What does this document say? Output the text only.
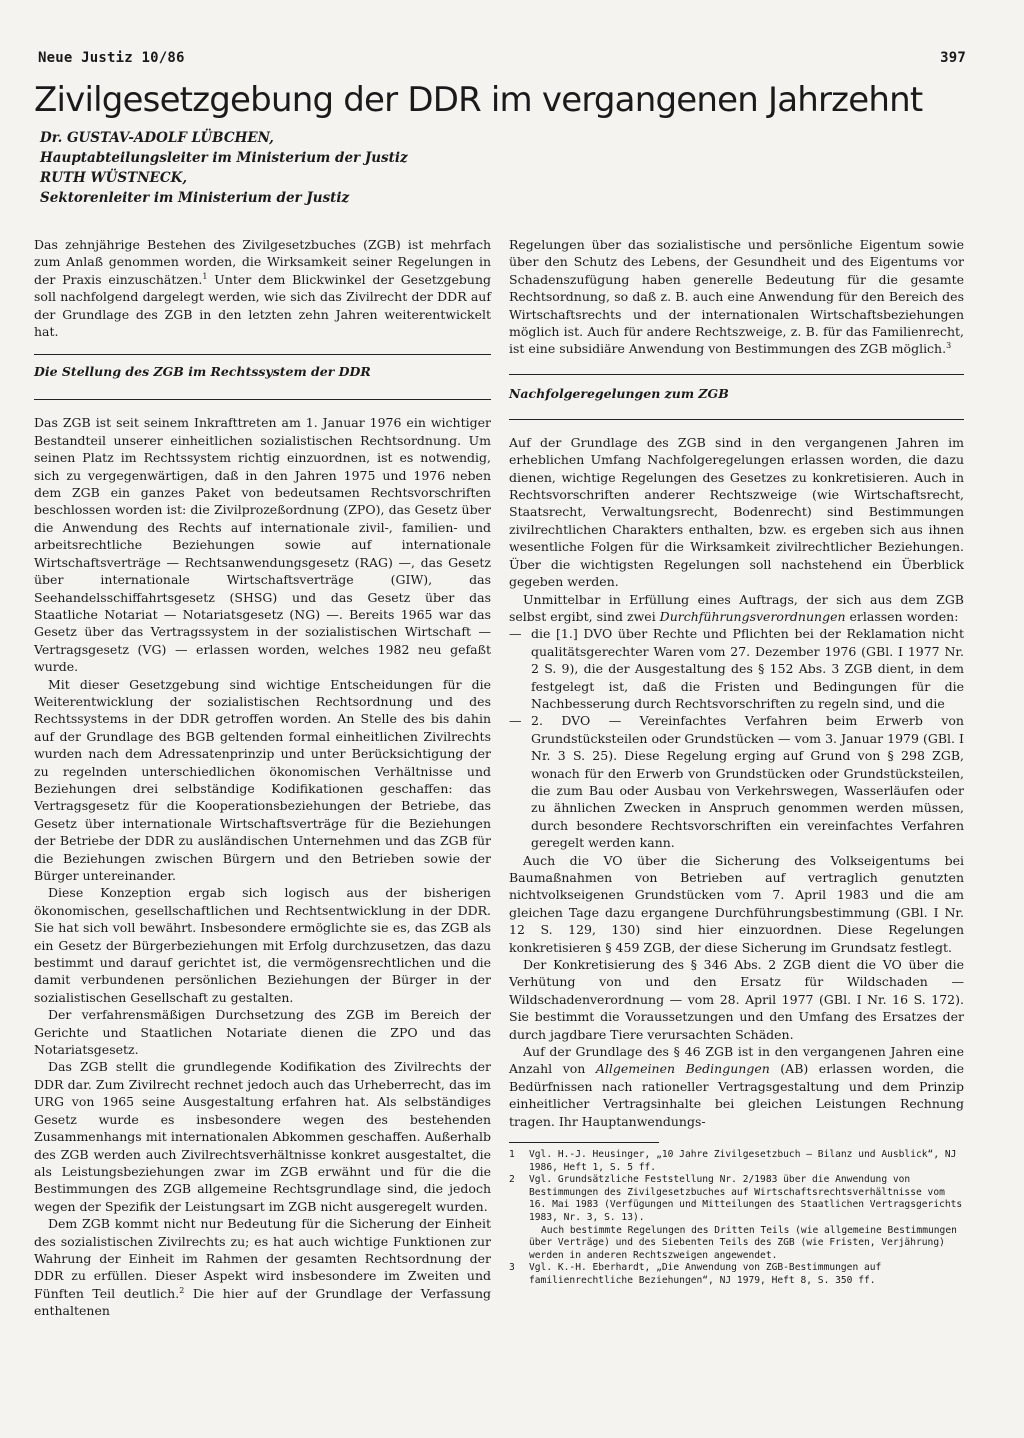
Neue Justiz 10/86	397
Zivilgesetzgebung der DDR im vergangenen Jahrzehnt
Dr. GUSTAV-ADOLF LÜBCHEN,
Hauptabteilungsleiter im Ministerium der Justiz
RUTH WÜSTNECK,
Sektorenleiter im Ministerium der Justiz

Das zehnjährige Bestehen des Zivilgesetzbuches (ZGB) ist mehrfach zum Anlaß genommen worden, die Wirksamkeit seiner Regelungen in der Praxis einzuschätzen.$^1$ Unter dem Blickwinkel der Gesetzgebung soll nachfolgend dargelegt werden, wie sich das Zivilrecht der DDR auf der Grundlage des ZGB in den letzten zehn Jahren weiterentwickelt hat.

Die Stellung des ZGB im Rechtssystem der DDR

Das ZGB ist seit seinem Inkrafttreten am 1. Januar 1976 ein wichtiger Bestandteil unserer einheitlichen sozialistischen Rechtsordnung. Um seinen Platz im Rechtssystem richtig einzuordnen, ist es notwendig, sich zu vergegenwärtigen, daß in den Jahren 1975 und 1976 neben dem ZGB ein ganzes Paket von bedeutsamen Rechtsvorschriften beschlossen worden ist: die Zivilprozeßordnung (ZPO), das Gesetz über die Anwendung des Rechts auf internationale zivil-, familien- und arbeitsrechtliche Beziehungen sowie auf internationale Wirtschaftsverträge — Rechtsanwendungsgesetz (RAG) —, das Gesetz über internationale Wirtschaftsverträge (GIW), das Seehandelsschiffahrtsgesetz (SHSG) und das Gesetz über das Staatliche Notariat — Notariatsgesetz (NG) —. Bereits 1965 war das Gesetz über das Vertragssystem in der sozialistischen Wirtschaft — Vertragsgesetz (VG) — erlassen worden, welches 1982 neu gefaßt wurde.

Mit dieser Gesetzgebung sind wichtige Entscheidungen für die Weiterentwicklung der sozialistischen Rechtsordnung und des Rechtssystems in der DDR getroffen worden. An Stelle des bis dahin auf der Grundlage des BGB geltenden formal einheitlichen Zivilrechts wurden nach dem Adressatenprinzip und unter Berücksichtigung der zu regelnden unterschiedlichen ökonomischen Verhältnisse und Beziehungen drei selbständige Kodifikationen geschaffen: das Vertragsgesetz für die Kooperationsbeziehungen der Betriebe, das Gesetz über internationale Wirtschaftsverträge für die Beziehungen der Betriebe der DDR zu ausländischen Unternehmen und das ZGB für die Beziehungen zwischen Bürgern und den Betrieben sowie der Bürger untereinander.

Diese Konzeption ergab sich logisch aus der bisherigen ökonomischen, gesellschaftlichen und Rechtsentwicklung in der DDR. Sie hat sich voll bewährt. Insbesondere ermöglichte sie es, das ZGB als ein Gesetz der Bürgerbeziehungen mit Erfolg durchzusetzen, das dazu bestimmt und darauf gerichtet ist, die vermögensrechtlichen und die damit verbundenen persönlichen Beziehungen der Bürger in der sozialistischen Gesellschaft zu gestalten.

Der verfahrensmäßigen Durchsetzung des ZGB im Bereich der Gerichte und Staatlichen Notariate dienen die ZPO und das Notariatsgesetz.

Das ZGB stellt die grundlegende Kodifikation des Zivilrechts der DDR dar. Zum Zivilrecht rechnet jedoch auch das Urheberrecht, das im URG von 1965 seine Ausgestaltung erfahren hat. Als selbständiges Gesetz wurde es insbesondere wegen des bestehenden Zusammenhangs mit internationalen Abkommen geschaffen. Außerhalb des ZGB werden auch Zivilrechtsverhältnisse konkret ausgestaltet, die als Leistungsbeziehungen zwar im ZGB erwähnt und für die die Bestimmungen des ZGB allgemeine Rechtsgrundlage sind, die jedoch wegen der Spezifik der Leistungsart im ZGB nicht ausgeregelt wurden.

Dem ZGB kommt nicht nur Bedeutung für die Sicherung der Einheit des sozialistischen Zivilrechts zu; es hat auch wichtige Funktionen zur Wahrung der Einheit im Rahmen der gesamten Rechtsordnung der DDR zu erfüllen. Dieser Aspekt wird insbesondere im Zweiten und Fünften Teil deutlich.$^2$ Die hier auf der Grundlage der Verfassung enthaltenen

Regelungen über das sozialistische und persönliche Eigentum sowie über den Schutz des Lebens, der Gesundheit und des Eigentums vor Schadenszufügung haben generelle Bedeutung für die gesamte Rechtsordnung, so daß z. B. auch eine Anwendung für den Bereich des Wirtschaftsrechts und der internationalen Wirtschaftsbeziehungen möglich ist. Auch für andere Rechtszweige, z. B. für das Familienrecht, ist eine subsidiäre Anwendung von Bestimmungen des ZGB möglich.$^3$

Nachfolgeregelungen zum ZGB

Auf der Grundlage des ZGB sind in den vergangenen Jahren im erheblichen Umfang Nachfolgeregelungen erlassen worden, die dazu dienen, wichtige Regelungen des Gesetzes zu konkretisieren. Auch in Rechtsvorschriften anderer Rechtszweige (wie Wirtschaftsrecht, Staatsrecht, Verwaltungsrecht, Bodenrecht) sind Bestimmungen zivilrechtlichen Charakters enthalten, bzw. es ergeben sich aus ihnen wesentliche Folgen für die Wirksamkeit zivilrechtlicher Beziehungen. Über die wichtigsten Regelungen soll nachstehend ein Überblick gegeben werden.

Unmittelbar in Erfüllung eines Auftrags, der sich aus dem ZGB selbst ergibt, sind zwei Durchführungsverordnungen erlassen worden:

— die [1.] DVO über Rechte und Pflichten bei der Reklamation nicht qualitätsgerechter Waren vom 27. Dezember 1976 (GBl. I 1977 Nr. 2 S. 9), die der Ausgestaltung des § 152 Abs. 3 ZGB dient, in dem festgelegt ist, daß die Fristen und Bedingungen für die Nachbesserung durch Rechtsvorschriften zu regeln sind, und die
— 2. DVO — Vereinfachtes Verfahren beim Erwerb von Grundstücksteilen oder Grundstücken — vom 3. Januar 1979 (GBl. I Nr. 3 S. 25). Diese Regelung erging auf Grund von § 298 ZGB, wonach für den Erwerb von Grundstücken oder Grundstücksteilen, die zum Bau oder Ausbau von Verkehrswegen, Wasserläufen oder zu ähnlichen Zwecken in Anspruch genommen werden müssen, durch besondere Rechtsvorschriften ein vereinfachtes Verfahren geregelt werden kann.

Auch die VO über die Sicherung des Volkseigentums bei Baumaßnahmen von Betrieben auf vertraglich genutzten nichtvolkseigenen Grundstücken vom 7. April 1983 und die am gleichen Tage dazu ergangene Durchführungsbestimmung (GBl. I Nr. 12 S. 129, 130) sind hier einzuordnen. Diese Regelungen konkretisieren § 459 ZGB, der diese Sicherung im Grundsatz festlegt.

Der Konkretisierung des § 346 Abs. 2 ZGB dient die VO über die Verhütung von und den Ersatz für Wildschaden — Wildschadenverordnung — vom 28. April 1977 (GBl. I Nr. 16 S. 172). Sie bestimmt die Voraussetzungen und den Umfang des Ersatzes der durch jagdbare Tiere verursachten Schäden.

Auf der Grundlage des § 46 ZGB ist in den vergangenen Jahren eine Anzahl von Allgemeinen Bedingungen (AB) erlassen worden, die Bedürfnissen nach rationeller Vertragsgestaltung und dem Prinzip einheitlicher Vertragsinhalte bei gleichen Leistungen Rechnung tragen. Ihr Hauptanwendungs-

1	Vgl. H.-J. Heusinger, „10 Jahre Zivilgesetzbuch — Bilanz und Ausblick“, NJ 1986, Heft 1, S. 5 ff.
2	Vgl. Grundsätzliche Feststellung Nr. 2/1983 über die Anwendung von Bestimmungen des Zivilgesetzbuches auf Wirtschaftsrechtsverhältnisse vom 16. Mai 1983 (Verfügungen und Mitteilungen des Staatlichen Vertragsgerichts 1983, Nr. 3, S. 13).
Auch bestimmte Regelungen des Dritten Teils (wie allgemeine Bestimmungen über Verträge) und des Siebenten Teils des ZGB (wie Fristen, Verjährung) werden in anderen Rechtszweigen angewendet.
3	Vgl. K.-H. Eberhardt, „Die Anwendung von ZGB-Bestimmungen auf familienrechtliche Beziehungen“, NJ 1979, Heft 8, S. 350 ff.
